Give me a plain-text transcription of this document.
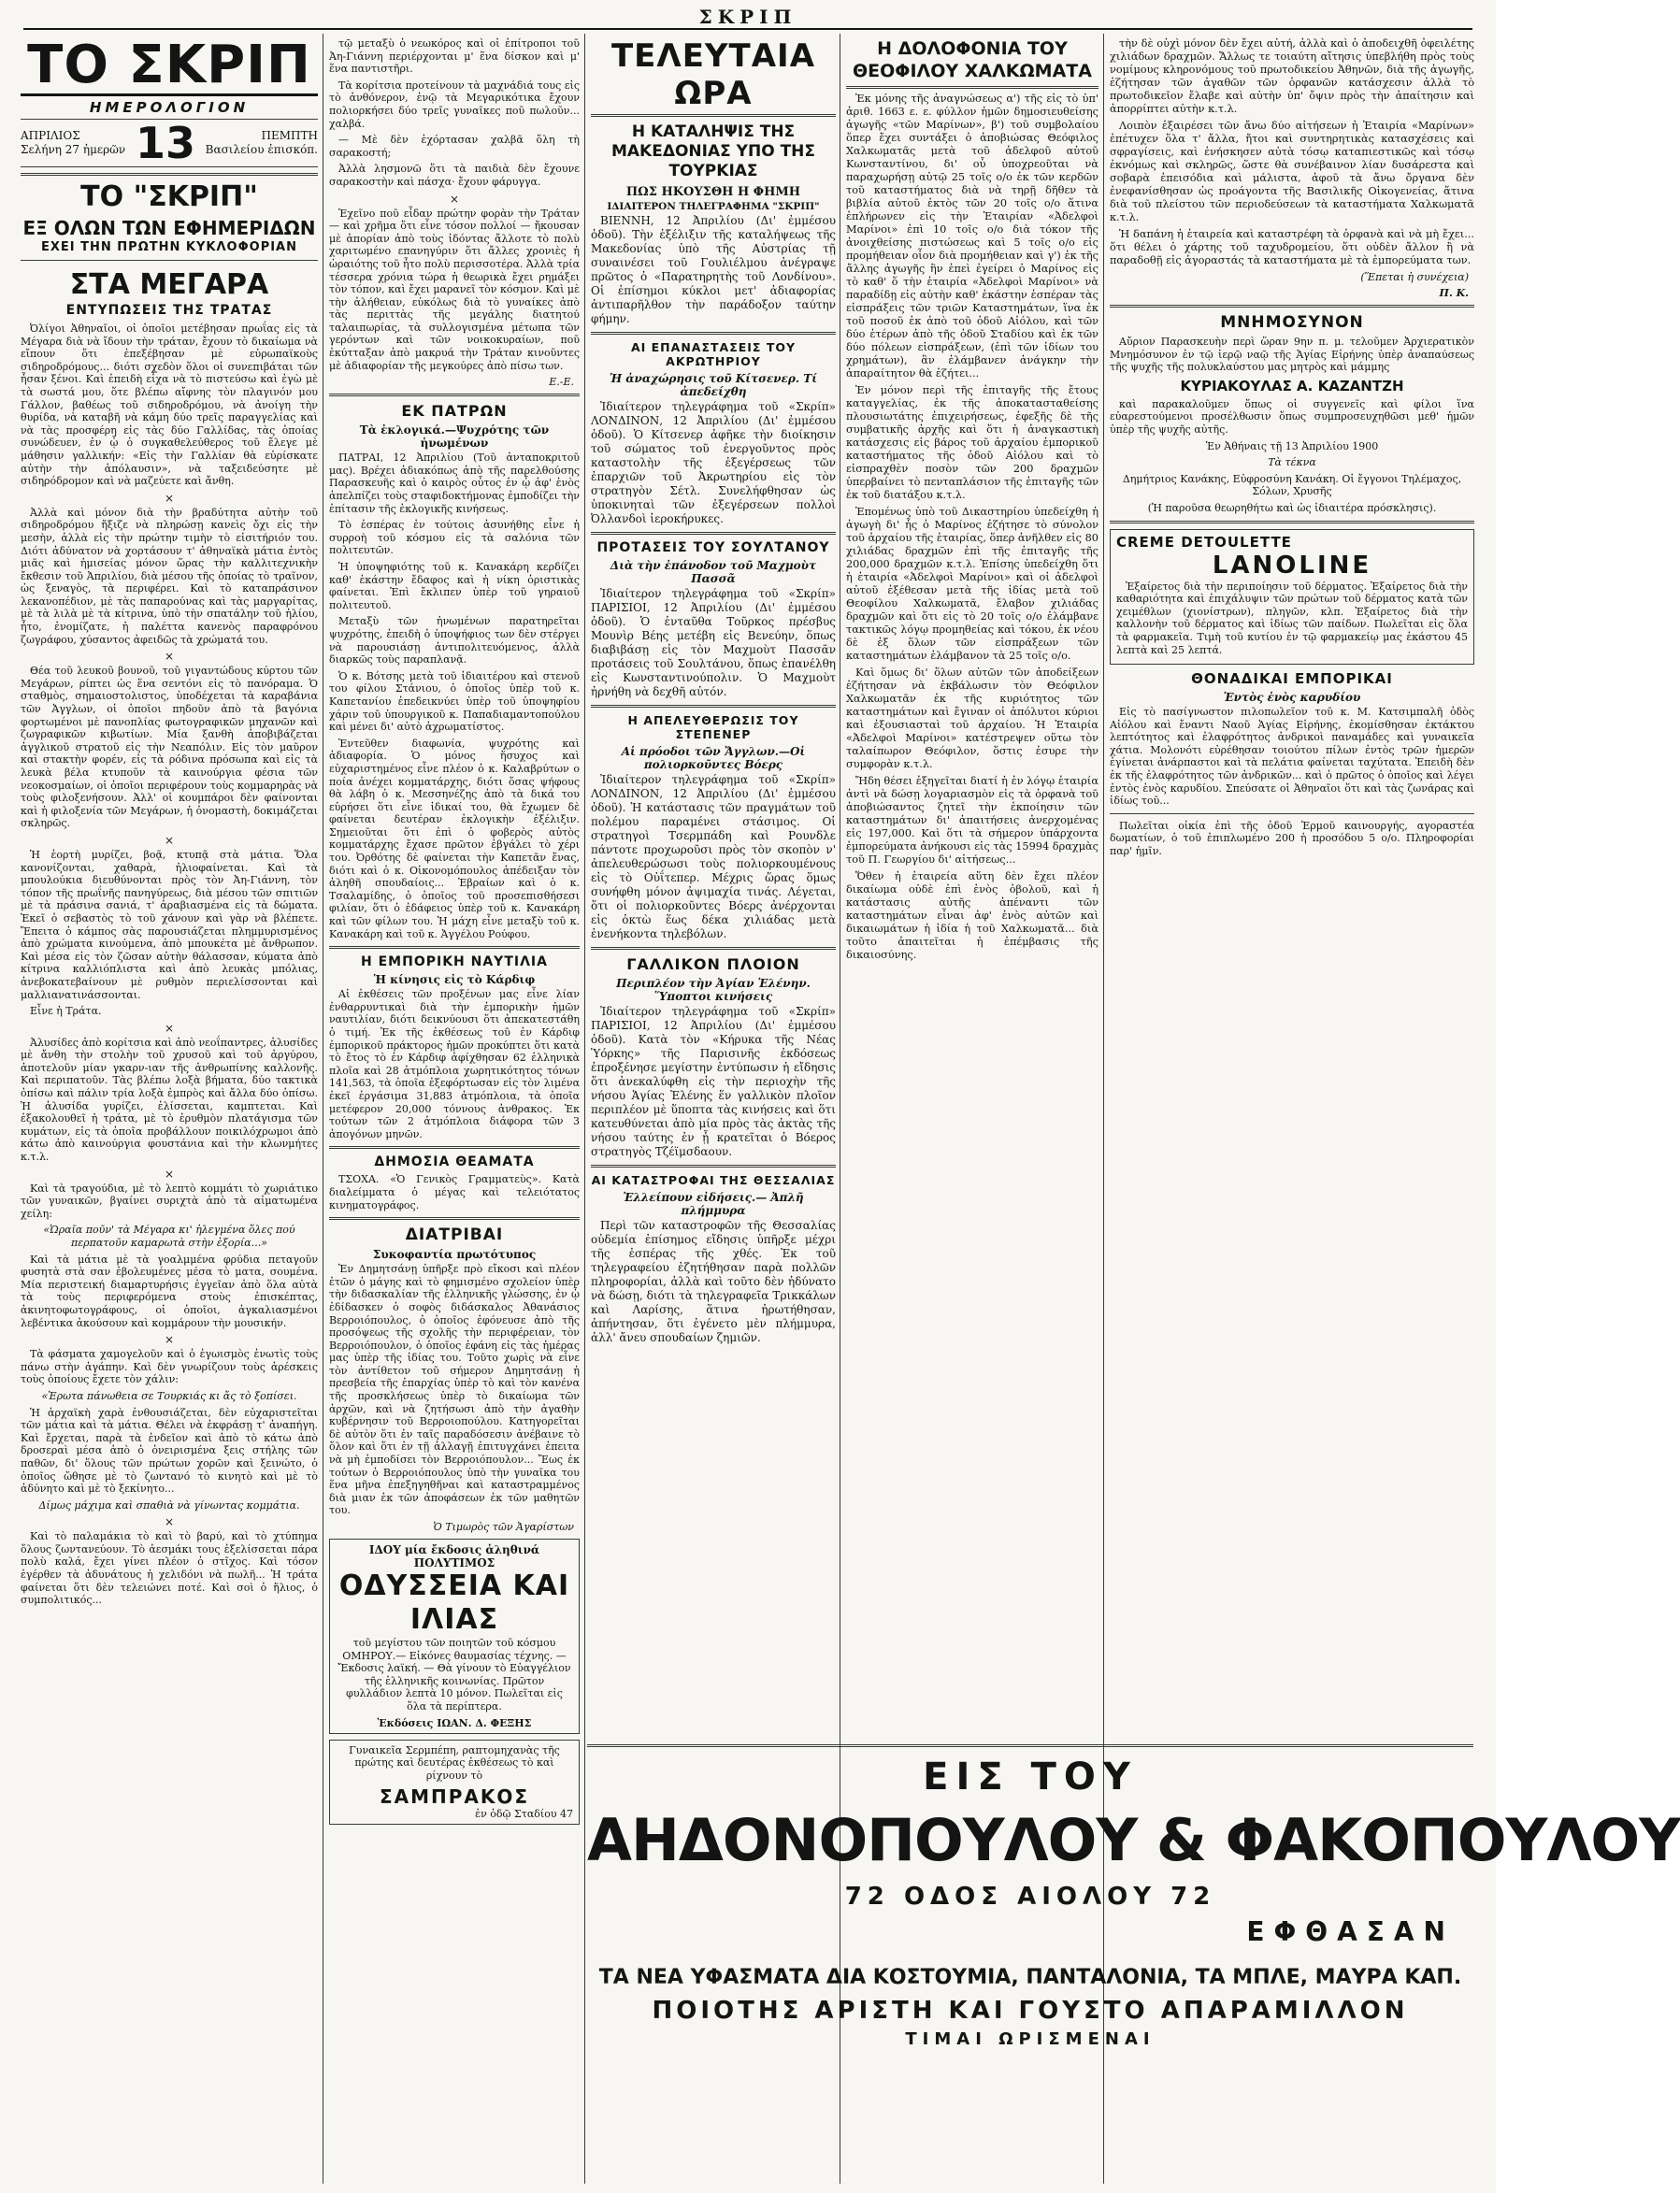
ΣΚΡΙΠ
ΤΟ ΣΚΡΙΠ
ΗΜΕΡΟΛΟΓΙΟΝ
ΑΠΡΙΛΙΟΣ
Σελήνη 27 ἡμερῶν 13	ΠΕΜΠΤΗ
Βασιλείου ἐπισκόπ.
ΤΟ "ΣΚΡΙΠ"
ΕΞ ΟΛΩΝ ΤΩΝ ΕΦΗΜΕΡΙΔΩΝ
ΕΧΕΙ ΤΗΝ ΠΡΩΤΗΝ ΚΥΚΛΟΦΟΡΙΑΝ
ΣΤΑ ΜΕΓΑΡΑ
ΕΝΤΥΠΩΣΕΙΣ ΤΗΣ ΤΡΑΤΑΣ

Ὀλίγοι Ἀθηναῖοι, οἱ ὁποῖοι μετέβησαν πρωΐας εἰς τὰ Μέγαρα διὰ νὰ ἴδουν τὴν τράταν, ἔχουν τὸ δικαίωμα νὰ εἴπουν ὅτι ἐπεξέβησαν μὲ εὐρωπαϊκοὺς σιδηροδρόμους... διότι σχεδὸν ὅλοι οἱ συνεπιβάται τῶν ἦσαν ξένοι. Καὶ ἐπειδὴ εἶχα νὰ τὸ πιστεύσω καὶ ἐγὼ μὲ τὰ σωστά μου, ὅτε βλέπω αἴφνης τὸν πλαγινόν μου Γάλλον, βαθέως τοῦ σιδηροδρόμου, νὰ ἀνοίγη τὴν θυρίδα, νὰ καταβῆ νὰ κάμη δύο τρεῖς παραγγελίας καὶ νὰ τὰς προσφέρη εἰς τὰς δύο Γαλλίδας, τὰς ὁποίας συνώδευεν, ἐν ᾧ ὁ συγκαθελεύθερος τοῦ ἔλεγε μὲ μάθησιν γαλλικήν: «Εἰς τὴν Γαλλίαν θὰ εὑρίσκατε αὐτὴν τὴν ἀπόλαυσιν», νὰ ταξειδεύσητε μὲ σιδηρόδρομον καὶ νὰ μαζεύετε καὶ ἄνθη.

×

Ἀλλὰ καὶ μόνον διὰ τὴν βραδύτητα αὐτὴν τοῦ σιδηροδρόμου ἤξιζε νὰ πληρώσῃ κανεὶς ὄχι εἰς τὴν μεσὴν, ἀλλὰ εἰς τὴν πρώτην τιμὴν τὸ εἰσιτήριόν του. Διότι ἀδύνατον νὰ χορτάσουν τ' ἀθηναϊκὰ μάτια ἐντὸς μιᾶς καὶ ἡμισείας μόνον ὥρας τὴν καλλιτεχνικὴν ἔκθεσιν τοῦ Ἀπριλίου, διὰ μέσου τῆς ὁποίας τὸ τραῖνον, ὡς ξεναγὸς, τὰ περιφέρει. Καὶ τὸ καταπράσινον λεκανοπέδιον, μὲ τὰς παπαρούνας καὶ τὰς μαργαρίτας, μὲ τὰ λιλὰ μὲ τὰ κίτρινα, ὑπὸ τὴν σπατάλην τοῦ ἡλίου, ἦτο, ἐνομίζατε, ἡ παλέττα κανενὸς παραφρόνου ζωγράφου, χύσαντος ἀφειδῶς τὰ χρώματά του.

×

Θέα τοῦ λευκοῦ βουνοῦ, τοῦ γιγαντώδους κύρτου τῶν Μεγάρων, ρίπτει ὡς ἕνα σεντόνι εἰς τὸ πανόραμα. Ὁ σταθμὸς, σημαιοστολιστος, ὑποδέχεται τὰ καραβάνια τῶν Ἀγγλων, οἱ ὁποῖοι πηδοῦν ἀπὸ τὰ βαγόνια φορτωμένοι μὲ πανοπλίας φωτογραφικῶν μηχανῶν καὶ ζωγραφικῶν κιβωτίων. Μία ξανθὴ ἀποβιβάζεται ἀγγλικοῦ στρατοῦ εἰς τὴν Νεαπόλιν. Εἰς τὸν μαῦρον καὶ στακτὴν φορέν, εἰς τὰ ρόδινα πρόσωπα καὶ εἰς τὰ λευκὰ βέλα κτυποῦν τὰ καινούργια φέσια τῶν νεοκοσμαίων, οἱ ὁποῖοι περιφέρουν τοὺς κομμαρηρὰς νὰ τοὺς φιλοξενήσουν. Ἀλλ' οἱ κουμπάροι δὲν φαίνονται καὶ ἡ φιλοξενία τῶν Μεγάρων, ἡ ὀνομαστὴ, δοκιμάζεται σκληρῶς.

×

Ἡ ἑορτὴ μυρίζει, βοᾷ, κτυπᾷ στὰ μάτια. Ὅλα κανονίζονται, χαθαρὰ, ἠλιοφαίνεται. Καὶ τὰ μπουλούκια διευθύνονται πρὸς τὸν Ἀη-Γιάννη, τὸν τόπον τῆς πρωΐνῆς πανηγύρεως, διὰ μέσου τῶν σπιτιῶν μὲ τὰ πράσινα σανιά, τ' ἀραβιασμένα εἰς τὰ δώματα. Ἐκεῖ ὁ σεβαστὸς τὸ τοῦ χάνουν καὶ γὰρ νὰ βλέπετε. Ἔπειτα ὁ κάμπος σὰς παρουσιάζεται πλημμυρισμένος ἀπὸ χρώματα κινούμενα, ἀπὸ μπουκέτα μὲ ἄνθρωπον. Καὶ μέσα εἰς τὸν ζῶσαν αὐτὴν θάλασσαν, κύματα ἀπὸ κίτρινα καλλιόπλιστα καὶ ἀπὸ λευκὰς μπόλιας, ἀνεβοκατεβαίνουν μὲ ρυθμὸν περιελίσσονται καὶ μαλλιανατινάσσονται.

Εἶνε ἡ Τράτα.

×

Ἀλυσίδες ἀπὸ κορίτσια καὶ ἀπὸ νεοΐπαντρες, ἀλυσίδες μὲ ἄνθη τὴν στολὴν τοῦ χρυσοῦ καὶ τοῦ ἀργύρου, ἀποτελοῦν μίαν γκαρν-ιαν τῆς ἀνθρωπίνης καλλονῆς. Καὶ περιπατοῦν. Τὰς βλέπω λοξὰ βήματα, δύο τακτικὰ ὀπίσω καὶ πάλιν τρία λοξὰ ἐμπρὸς καὶ ἄλλα δύο ὀπίσω. Ἡ ἀλυσίδα γυρίζει, ἐλίσσεται, καμπτεται. Καὶ ἐξακολουθεῖ ἡ τράτα, μὲ τὸ ἐρυθμὸν πλατάγισμα τῶν κυμάτων, εἰς τὰ ὁποῖα προβάλλουν ποικιλόχρωμοι ἀπὸ κάτω ἀπὸ καινούργια φουστάνια καὶ τὴν κλωνμήτες κ.τ.λ.

×

Καὶ τὰ τραγούδια, μὲ τὸ λεπτὸ κομμάτι τὸ χωριάτικο τῶν γυναικῶν, βγαίνει συριχτὰ ἀπὸ τὰ αἱματωμένα χείλη:

«Ὡραῖα ποῦν' τὰ Μέγαρα κι' ἠλεγμένα ὅλες πού περπατοῦν καμαρωτὰ στὴν ἐξορία...»

Καὶ τὰ μάτια μὲ τὰ γοαλμμένα φρύδια πεταγοῦν φυσητὰ στὰ σαν ἐβολευμένες μέσα τὸ ματα, σουμένα. Μία περιστεική διαμαρτυρήσις ἐγγεῖαν ἀπὸ ὅλα αὐτὰ τὰ τοὺς περιφερόμενα στοὺς ἐπισκέπτας, ἀκινητοφωτογράφους, οἱ ὁποῖοι, ἀγκαλιασμένοι λεβέντικα ἀκούσουν καὶ κομμάρουν τὴν μουσικήν.

×

Τὰ φάσματα χαμογελοῦν καὶ ὁ ἐγωισμὸς ἐνωτὶς τοὺς πάνω στὴν ἀγάπην. Καὶ δὲν γνωρίζουν τοὺς ἀρέσκεις τοὺς ὁποίους ἔχετε τὸν χάλιν:

«Ἐρωτα πάνωθεια σε Τουρκιάς κι ἄς τὸ ξοπίσει.

Ἡ ἀρχαϊκὴ χαρὰ ἐνθουσιάζεται, δὲν εὐχαριστεῖται τῶν μάτια καὶ τὰ μάτια. Θέλει νὰ ἐκφράσῃ τ' ἀναπήγη. Καὶ ἔρχεται, παρὰ τὰ ἐνδεῖον καὶ ἀπὸ τὸ κάτω ἀπὸ δροσεραὶ μέσα ἀπὸ ὁ ὀνειρισμένα ξεις στήλης τῶν παθῶν, δι' ὅλους τῶν πρώτων χορῶν καὶ ξεινώτο, ὁ ὁποῖος ὥθησε μὲ τὸ ζωντανό τὸ κινητὸ καὶ μὲ τὸ ἀδύνητο καὶ μὲ τὸ ξεκίνητο...

Δίμως μάχιμα καὶ σπαθιὰ νὰ γίνωντας κομμάτια.

×

Καὶ τὸ παλαμάκια τὸ καὶ τὸ βαρύ, καὶ τὸ χτύπημα ὅλους ζωντανεύουν. Τὸ ἀεσμάκι τους ἐξελίσσεται πάρα πολὺ καλά, ἔχει γίνει πλέον ὁ στῖχος. Καὶ τόσον ἐγέρθεν τὰ ἀδυνάτους ἡ χελιδόνι νὰ πωλῆ... Ἡ τράτα φαίνεται ὅτι δὲν τελειώνει ποτέ. Καὶ σοὶ ὁ ἥλιος, ὁ συμπολιτικός...

τῷ μεταξὺ ὁ νεωκόρος καὶ οἱ ἐπίτροποι τοῦ Ἀη-Γιάννη περιέρχονται μ' ἕνα δίσκον καὶ μ' ἕνα παντιστῆρι.

Τὰ κορίτσια προτείνουν τὰ μαχνάδιά τους εἰς τὸ ἀνθόνερον, ἐνῷ τὰ Μεγαρικότικα ἔχουν πολιορκήσει δύο τρεῖς γυναῖκες ποῦ πωλοῦν... χαλβά.

— Μὲ δὲν ἐχόρτασαν χαλβᾶ ὅλη τὴ σαρακοστή;

Ἀλλὰ λησμονῶ ὅτι τὰ παιδιὰ δὲν ἔχουνε σαρακοστὴν καὶ πάσχα· ἔχουν φάρυγγα.

×

Ἐχεῖνο ποῦ εἶδαν πρώτην φορὰν τὴν Τράταν — καὶ χρῆμα ὅτι εἶνε τόσον πολλοί — ἤκουσαν μὲ ἀπορίαν ἀπὸ τοὺς ἰδόντας ἄλλοτε τὸ πολὺ χαριτωμένο επανηγύριν ὅτι ἄλλες χρονιὲς ἡ ὡραιότης τοῦ ἦτο πολὺ περισσοτέρα. Ἀλλὰ τρία τέσσερα χρόνια τώρα ἡ θεωρικὰ ἔχει ρημάξει τὸν τόπον, καὶ ἔχει μαρανεῖ τὸν κόσμον. Καὶ μὲ τὴν ἀλήθειαν, εὐκόλως διὰ τὸ γυναίκες ἀπὸ τὰς περιττὰς τῆς μεγάλης διατητού ταλαιπωρίας, τὰ συλλογισμένα μέτωπα τῶν γερόντων καὶ τῶν νοικοκυραίων, ποῦ ἐκύτταξαν ἀπὸ μακρυά τὴν Τράταν κινοῦντες μὲ ἀδιαφορίαν τῆς μεγκούρες ἀπὸ πίσω των.

Ε.-Ε.
ΕΚ ΠΑΤΡΩΝ
Τὰ ἐκλογικά.—Ψυχρότης τῶν ἡνωμένων

ΠΑΤΡΑΙ, 12 Ἀπριλίου (Τοῦ ἀνταποκριτοῦ μας). Βρέχει ἀδιακόπως ἀπὸ τῆς παρελθούσης Παρασκευῆς καὶ ὁ καιρὸς οὗτος ἐν ᾧ ἀφ' ἑνὸς ἀπελπίζει τοὺς σταφιδοκτήμονας ἐμποδίζει τὴν ἐπίτασιν τῆς ἐκλογικῆς κινήσεως.

Τὸ ἐσπέρας ἐν τούτοις ἀσυνήθης εἶνε ἡ συρροὴ τοῦ κόσμου εἰς τὰ σαλόνια τῶν πολιτευτῶν.

Ἡ ὑποψηφιότης τοῦ κ. Κανακάρη κερδίζει καθ' ἑκάστην ἔδαφος καὶ ἡ νίκη ὁριστικὰς φαίνεται. Ἐπὶ ἔκλιπεν ὑπὲρ τοῦ γηραιοῦ πολιτευτοῦ.

Μεταξὺ τῶν ἡνωμένων παρατηρεῖται ψυχρότης, ἐπειδὴ ὁ ὑποψήφιος των δὲν στέργει νὰ παρουσιάσῃ ἀντιπολιτευόμενος, ἀλλὰ διαρκῶς τοὺς παραπλανᾷ.

Ὁ κ. Βότσης μετὰ τοῦ ἰδιαιτέρου καὶ στενοῦ του φίλου Στάνιου, ὁ ὁποῖος ὑπὲρ τοῦ κ. Καπετανίου ἐπεδεικνύει ὑπὲρ τοῦ ὑποψηφίου χάριν τοῦ ὑπουργικοῦ κ. Παπαδιαμαντοπούλου καὶ μένει δι' αὐτὸ ἀχρωματίστος.

Ἐντεῦθεν διαφωνία, ψυχρότης καὶ ἀδιαφορία. Ὁ μόνος ἥσυχος καὶ εὐχαριστημένος εἶνε πλέον ὁ κ. Καλαβρύτων ο ποία ἀνέχει κομματάρχης, διότι ὅσας ψήφους θὰ λάβη ὁ κ. Μεσσηνέζης ἀπὸ τὰ δικά του εὑρήσει ὅτι εἶνε ἰδικαί του, θὰ ἔχωμεν δὲ φαίνεται δευτέραν ἐκλογικὴν ἐξέλιξιν. Σημειοῦται ὅτι ἐπὶ ὁ φοβερὸς αὐτὸς κομματάρχης ἔχασε πρῶτον ἐβγάλει τὸ χέρι του. Ὀρθότης δὲ φαίνεται τὴν Καπετᾶν ἔνας, διότι καὶ ὁ κ. Οἰκονομόπουλος ἀπέδειξαν τὸν ἀληθῆ σπουδαίοις... Ἐβραίων καὶ ὁ κ. Τσαλαμίδης, ὁ ὁποῖος τοῦ προσεπισθήσεσι φιλίαν, ὅτι ὁ ἐδάφειος ὑπὲρ τοῦ κ. Κανακάρη καὶ τῶν φίλων του. Ἡ μάχη εἶνε μεταξὺ τοῦ κ. Κανακάρη καὶ τοῦ κ. Ἀγγέλου Ρούφου.

Η ΕΜΠΟΡΙΚΗ ΝΑΥΤΙΛΙΑ
Ἡ κίνησις εἰς τὸ Κάρδιφ

Αἱ ἐκθέσεις τῶν προξένων μας εἶνε λίαν ἐνθαρρυντικαὶ διὰ τὴν ἐμπορικὴν ἡμῶν ναυτιλίαν, διότι δεικνύουσι ὅτι ἀπεκατεστάθη ὁ τιμή. Ἐκ τῆς ἐκθέσεως τοῦ ἐν Κάρδιφ ἐμπορικοῦ πράκτορος ἡμῶν προκύπτει ὅτι κατὰ τὸ ἔτος τὸ ἐν Κάρδιφ ἀφίχθησαν 62 ἑλληνικὰ πλοῖα καὶ 28 ἀτμόπλοια χωρητικότητος τόνων 141,563, τὰ ὁποῖα ἐξεφόρτωσαν εἰς τὸν λιμένα ἐκεῖ ἐργάσιμα 31,883 ἀτμόπλοια, τὰ ὁποῖα μετέφερον 20,000 τόννους ἀνθρακος. Ἐκ τούτων τῶν 2 ἀτμόπλοια διάφορα τῶν 3 ἀπογόνων μηνῶν.

ΔΗΜΟΣΙΑ ΘΕΑΜΑΤΑ

ΤΣΟΧΑ. «Ὁ Γενικὸς Γραμματεὺς». Κατὰ διαλείμματα ὁ μέγας καὶ τελειότατος κινηματογράφος.

ΔΙΑΤΡΙΒΑΙ
Συκοφαντία πρωτότυπος

Ἐν Δημητσάνῃ ὑπῆρξε πρὸ εἴκοσι καὶ πλέον ἐτῶν ὁ μάγης καὶ τὸ φημισμένο σχολείον ὑπὲρ τὴν διδασκαλίαν τῆς ἑλληνικῆς γλώσσης, ἐν ᾧ ἐδίδασκεν ὁ σοφὸς διδάσκαλος Ἀθανάσιος Βερροιόπουλος, ὁ ὁποῖος ἐφόνευσε ἀπὸ τῆς προσόψεως τῆς σχολῆς τὴν περιφέρειαν, τὸν Βερροιόπουλον, ὁ ὁποῖος ἐφάνη εἰς τὰς ἡμέρας μας ὑπὲρ τῆς ἰδίας του. Τοῦτο χωρὶς νὰ εἶνε τὸν ἀντίθετον τοῦ σήμερον Δημητσάνῃ ἡ πρεσβεία τῆς ἐπαρχίας ὑπὲρ τὸ καὶ τὸν κανένα τῆς προσκλήσεως ὑπὲρ τὸ δικαίωμα τῶν ἀρχῶν, καὶ νὰ ζητήσωσι ἀπὸ τὴν ἀγαθὴν κυβέρνησιν τοῦ Βερροιοπούλου. Κατηγορεῖται δὲ αὐτὸν ὅτι ἐν ταῖς παραδόσεσιν ἀνέβαινε τὸ ὅλον καὶ ὅτι ἐν τῇ ἀλλαγῇ ἐπιτυγχάνει ἐπειτα νὰ μὴ ἐμποδίσει τὸν Βερροιόπουλον... Ἔως ἐκ τούτων ὁ Βερροιόπουλος ὑπὸ τὴν γυναῖκα του ἕνα μῆνα ἐπεξηγηθῆναι καὶ καταστραμμένος διὰ μιαν ἐκ τῶν ἀποφάσεων ἐκ τῶν μαθητῶν του.

Ὁ Τιμωρὸς τῶν Ἀγαρίστων
ΙΔΟΥ μία ἔκδοσις ἀληθινά ΠΟΛΥΤΙΜΟΣ
ΟΔΥΣΣΕΙΑ ΚΑΙ ΙΛΙΑΣ

τοῦ μεγίστου τῶν ποιητῶν τοῦ κόσμου ΟΜΗΡΟΥ.— Εἰκόνες θαυμασίας τέχνης. —Ἔκδοσις λαϊκή. — Θὰ γίνουν τὸ Εὐαγγέλιον τῆς ἑλληνικῆς κοινωνίας. Πρῶτον φυλλάδιον λεπτὰ 10 μόνον. Πωλεῖται εἰς ὅλα τὰ περίπτερα.

Ἐκδόσεις ΙΩΑΝ. Δ. ΦΕΞΗΣ

Γυναικεῖα Σερμπέπη, ραπτομηχανὰς τῆς πρώτης καὶ δευτέρας ἐκθέσεως τὸ καὶ ρίχνουν τὸ

ΣΑΜΠΡΑΚΟΣ
ἐν ὁδῷ Σταδίου 47
ΤΕΛΕΥΤΑΙΑ ΩΡΑ
Η ΚΑΤΑΛΗΨΙΣ ΤΗΣ ΜΑΚΕΔΟΝΙΑΣ ΥΠΟ ΤΗΣ ΤΟΥΡΚΙΑΣ
ΠΩΣ ΗΚΟΥΣΘΗ Η ΦΗΜΗ
ΙΔΙΑΙΤΕΡΟΝ ΤΗΛΕΓΡΑΦΗΜΑ "ΣΚΡΙΠ"

ΒΙΕΝΝΗ, 12 Ἀπριλίου (Δι' ἐμμέσου ὁδοῦ). Τὴν ἐξέλιξιν τῆς καταλήψεως τῆς Μακεδονίας ὑπὸ τῆς Αὐστρίας τῇ συναινέσει τοῦ Γουλιέλμου ἀνέγραψε πρῶτος ὁ «Παρατηρητὴς τοῦ Λονδίνου». Οἱ ἐπίσημοι κύκλοι μετ' ἀδιαφορίας ἀντιπαρῆλθον τὴν παράδοξον ταύτην φήμην.

ΑΙ ΕΠΑΝΑΣΤΑΣΕΙΣ ΤΟΥ ΑΚΡΩΤΗΡΙΟΥ
Ἡ ἀναχώρησις τοῦ Κίτσενερ. Τί ἀπεδείχθη

Ἰδιαίτερον τηλεγράφημα τοῦ «Σκρίπ» ΛΟΝΔΙΝΟΝ, 12 Ἀπριλίου (Δι' ἐμμέσου ὁδοῦ). Ὁ Κίτσενερ ἀφῆκε τὴν διοίκησιν τοῦ σώματος τοῦ ἐνεργοῦντος πρὸς καταστολὴν τῆς ἐξεγέρσεως τῶν ἐπαρχιῶν τοῦ Ἀκρωτηρίου εἰς τὸν στρατηγὸν Σέτλ. Συνελήφθησαν ὡς ὑποκινηταὶ τῶν ἐξεγέρσεων πολλοὶ Ὀλλανδοὶ ἱεροκήρυκες.

ΠΡΟΤΑΣΕΙΣ ΤΟΥ ΣΟΥΛΤΑΝΟΥ
Διὰ τὴν ἐπάνοδον τοῦ Μαχμοὺτ Πασσᾶ

Ἰδιαίτερον τηλεγράφημα τοῦ «Σκρίπ» ΠΑΡΙΣΙΟΙ, 12 Ἀπριλίου (Δι' ἐμμέσου ὁδοῦ). Ὁ ἐνταῦθα Τοῦρκος πρέσβυς Μουνὶρ Βέης μετέβη εἰς Βενεύην, ὅπως διαβιβάσῃ εἰς τὸν Μαχμοὺτ Πασσᾶν προτάσεις τοῦ Σουλτάνου, ὅπως ἐπανέλθη εἰς Κωνσταντινούπολιν. Ὁ Μαχμοὺτ ἠρνήθη νὰ δεχθῆ αὐτόν.

Η ΑΠΕΛΕΥΘΕΡΩΣΙΣ ΤΟΥ ΣΤΕΠΕΝΕΡ
Αἱ πρόοδοι τῶν Ἄγγλων.—Οἱ πολιορκοῦντες Βόερς

Ἰδιαίτερον τηλεγράφημα τοῦ «Σκρίπ» ΛΟΝΔΙΝΟΝ, 12 Ἀπριλίου (Δι' ἐμμέσου ὁδοῦ). Ἡ κατάστασις τῶν πραγμάτων τοῦ πολέμου παραμένει στάσιμος. Οἱ στρατηγοὶ Τσερμπάδη καὶ Ρουνδλε πάντοτε προχωροῦσι πρὸς τὸν σκοπὸν ν' ἀπελευθερώσωσι τοὺς πολιορκουμένους εἰς τὸ Οὐΐτεπερ. Μέχρις ὥρας ὅμως συνήφθη μόνον ἀψιμαχία τινάς. Λέγεται, ὅτι οἱ πολιορκοῦντες Βόερς ἀνέρχονται εἰς ὀκτὼ ἕως δέκα χιλιάδας μετὰ ἐνενήκοντα τηλεβόλων.

ΓΑΛΛΙΚΟΝ ΠΛΟΙΟΝ
Περιπλέον τὴν Ἀγίαν Ἑλένην. Ὕποπτοι κινήσεις

Ἰδιαίτερον τηλεγράφημα τοῦ «Σκρίπ» ΠΑΡΙΣΙΟΙ, 12 Ἀπριλίου (Δι' ἐμμέσου ὁδοῦ). Κατὰ τὸν «Κήρυκα τῆς Νέας Ὑόρκης» τῆς Παρισινῆς ἐκδόσεως ἐπροξένησε μεγίστην ἐντύπωσιν ἡ εἴδησις ὅτι ἀνεκαλύφθη εἰς τὴν περιοχὴν τῆς νήσου Ἁγίας Ἑλένης ἕν γαλλικὸν πλοῖον περιπλέον μὲ ὕποπτα τὰς κινήσεις καὶ ὅτι κατευθύνεται ἀπὸ μία πρὸς τὰς ἀκτὰς τῆς νήσου ταύτης ἐν ᾗ κρατεῖται ὁ Βόερος στρατηγὸς Τζέϊμσδαουν.

ΑΙ ΚΑΤΑΣΤΡΟΦΑΙ ΤΗΣ ΘΕΣΣΑΛΙΑΣ
Ἐλλείπουν εἰδήσεις.— Ἀπλῆ πλήμμυρα

Περὶ τῶν καταστροφῶν τῆς Θεσσαλίας οὐδεμία ἐπίσημος εἴδησις ὑπῆρξε μέχρι τῆς ἐσπέρας τῆς χθές. Ἐκ τοῦ τηλεγραφείου ἐζητήθησαν παρὰ πολλῶν πληροφορίαι, ἀλλὰ καὶ τοῦτο δὲν ἠδύνατο νὰ δώσῃ, διότι τὰ τηλεγραφεῖα Τρικκάλων καὶ Λαρίσης, ἅτινα ἠρωτήθησαν, ἀπήντησαν, ὅτι ἐγένετο μὲν πλήμμυρα, ἀλλ' ἄνευ σπουδαίων ζημιῶν.

Η ΔΟΛΟΦΟΝΙΑ ΤΟΥ ΘΕΟΦΙΛΟΥ ΧΑΛΚΩΜΑΤΑ

Ἐκ μόνης τῆς ἀναγνώσεως α') τῆς εἰς τὸ ὑπ' ἀριθ. 1663 ε. ε. φύλλον ἡμῶν δημοσιευθείσης ἀγωγῆς «τῶν Μαρίνων», β') τοῦ συμβολαίου ὅπερ ἔχει συντάξει ὁ ἀποβιώσας Θεόφιλος Χαλκωματᾶς μετὰ τοῦ ἀδελφοῦ αὐτοῦ Κωνσταντίνου, δι' οὗ ὑποχρεοῦται νὰ παραχωρήσῃ αὐτῷ 25 τοῖς ο/ο ἐκ τῶν κερδῶν τοῦ καταστήματος διὰ νὰ τηρῇ δῆθεν τὰ βιβλία αὐτοῦ ἐκτὸς τῶν 20 τοῖς ο/ο ἅτινα ἐπλήρωνεν εἰς τὴν Ἑταιρίαν «Ἀδελφοὶ Μαρίνοι» ἐπὶ 10 τοῖς ο/ο διὰ τόκον τῆς ἀνοιχθείσης πιστώσεως καὶ 5 τοῖς ο/ο εἰς προμήθειαν οἷον διὰ προμήθειαν καὶ γ') ἐκ τῆς ἄλλης ἀγωγῆς ἣν ἐπεὶ ἐγείρει ὁ Μαρίνος εἰς τὸ καθ' ὅ τὴν ἑταιρία «Ἀδελφοὶ Μαρίνοι» νὰ παραδίδῃ εἰς αὐτὴν καθ' ἑκάστην ἑσπέραν τὰς εἰσπράξεις τῶν τριῶν Καταστημάτων, ἵνα ἐκ τοῦ ποσοῦ ἐκ ἀπὸ τοῦ ὁδοῦ Αἰόλου, καὶ τῶν δύο ἐτέρων ἀπὸ τῆς ὁδοῦ Σταδίου καὶ ἐκ τῶν δύο πόλεων εἰσπράξεων, (ἐπὶ τῶν ἰδίων του χρημάτων), ἂν ἐλάμβανεν ἀνάγκην τὴν ἀπαραίτητον θὰ ἐζήτει...

Ἐν μόνον περὶ τῆς ἐπιταγῆς τῆς ἔτους καταγγελίας, ἐκ τῆς ἀποκατασταθείσης πλουσιωτάτης ἐπιχειρήσεως, ἐφεξῆς δὲ τῆς συμβατικῆς ἀρχῆς καὶ ὅτι ἡ ἀναγκαστικὴ κατάσχεσις εἰς βάρος τοῦ ἀρχαίου ἐμπορικοῦ καταστήματος τῆς ὁδοῦ Αἰόλου καὶ τὸ εἰσπραχθὲν ποσὸν τῶν 200 δραχμῶν ὑπερβαίνει τὸ πενταπλάσιον τῆς ἐπιταγῆς τῶν ἐκ τοῦ διατάξου κ.τ.λ.

Ἐπομένως ὑπὸ τοῦ Δικαστηρίου ὑπεδείχθη ἡ ἀγωγὴ δι' ἧς ὁ Μαρίνος ἐζήτησε τὸ σύνολον τοῦ ἀρχαίου τῆς ἑταιρίας, ὅπερ ἀνῆλθεν εἰς 80 χιλιάδας δραχμῶν ἐπὶ τῆς ἐπιταγῆς τῆς 200,000 δραχμῶν κ.τ.λ. Ἐπίσης ὑπεδείχθη ὅτι ἡ ἑταιρία «Ἀδελφοὶ Μαρίνοι» καὶ οἱ ἀδελφοὶ αὐτοῦ ἐξέθεσαν μετὰ τῆς ἰδίας μετὰ τοῦ Θεοφίλου Χαλκωματᾶ, ἔλαβον χιλιάδας δραχμῶν καὶ ὅτι εἰς τὸ 20 τοῖς ο/ο ἐλάμβανε τακτικῶς λόγῳ προμηθείας καὶ τόκου, ἐκ νέου δὲ ἐξ ὅλων τῶν εἰσπράξεων τῶν καταστημάτων ἐλάμβανον τὰ 25 τοῖς ο/ο.

Καὶ ὅμως δι' ὅλων αὐτῶν τῶν ἀποδείξεων ἐζήτησαν νὰ ἐκβάλωσιν τὸν Θεόφιλον Χαλκωματᾶν ἐκ τῆς κυριότητος τῶν καταστημάτων καὶ ἔγιναν οἱ ἀπόλυτοι κύριοι καὶ ἐξουσιασταὶ τοῦ ἀρχαίου. Ἡ Ἑταιρία «Ἀδελφοὶ Μαρίνοι» κατέστρεψεν οὕτω τὸν ταλαίπωρον Θεόφιλον, ὅστις ἐσυρε τὴν συμφορὰν κ.τ.λ.

Ἤδη θέσει ἐξηγεῖται διατί ἡ ἐν λόγῳ ἑταιρία ἀντὶ νὰ δώσῃ λογαριασμὸν εἰς τὰ ὀρφανὰ τοῦ ἀποβιώσαντος ζητεῖ τὴν ἐκποίησιν τῶν καταστημάτων δι' ἀπαιτήσεις ἀνερχομένας εἰς 197,000. Καὶ ὅτι τὰ σήμερον ὑπάρχοντα ἐμπορεύματα ἀνήκουσι εἰς τὰς 15994 δραχμὰς τοῦ Π. Γεωργίου δι' αἰτήσεως...

Ὅθεν ἡ ἑταιρεία αὕτη δὲν ἔχει πλέον δικαίωμα οὐδὲ ἐπὶ ἑνὸς ὀβολοῦ, καὶ ἡ κατάστασις αὐτῆς ἀπέναντι τῶν καταστημάτων εἶναι ἀφ' ἑνὸς αὐτῶν καὶ δικαιωμάτων ἡ ἰδία ἡ τοῦ Χαλκωματᾶ... διὰ τοῦτο ἀπαιτεῖται ἡ ἐπέμβασις τῆς δικαιοσύνης.

τὴν δὲ οὐχὶ μόνον δὲν ἔχει αὐτή, ἀλλὰ καὶ ὁ ἀποδειχθῆ ὀφειλέτης χιλιάδων δραχμῶν. Ἄλλως τε τοιαύτη αἴτησις ὑπεβλήθη πρὸς τοὺς νομίμους κληρονόμους τοῦ πρωτοδικείου Ἀθηνῶν, διὰ τῆς ἀγωγῆς, ἐζήτησαν τῶν ἀγαθῶν τῶν ὀρφανῶν κατάσχεσιν ἀλλὰ τὸ πρωτοδικεῖον ἔλαβε καὶ αὐτὴν ὑπ' ὄψιν πρὸς τὴν ἀπαίτησιν καὶ ἀπορρίπτει αὐτὴν κ.τ.λ.

Λοιπὸν ἐξαιρέσει τῶν ἄνω δύο αἰτήσεων ἡ Ἑταιρία «Μαρίνων» ἐπέτυχεν ὅλα τ' ἄλλα, ἤτοι καὶ συντηρητικὰς κατασχέσεις καὶ σφραγίσεις, καὶ ἐνήσκησεν αὐτὰ τόσῳ καταπιεστικῶς καὶ τόσῳ ἐκνόμως καὶ σκληρῶς, ὥστε θὰ συνέβαινον λίαν δυσάρεστα καὶ σοβαρὰ ἐπεισόδια καὶ μάλιστα, ἀφοῦ τὰ ἄνω ὄργανα δὲν ἐνεφανίσθησαν ὡς προάγοντα τῆς Βασιλικῆς Οἰκογενείας, ἅτινα διὰ τοῦ πλείστου τῶν περιοδεύσεων τὰ καταστήματα Χαλκωματᾶ κ.τ.λ.

Ἡ δαπάνη ἡ ἑταιρεία καὶ καταστρέφη τὰ ὀρφανὰ καὶ νὰ μὴ ἔχει... ὅτι θέλει ὁ χάρτης τοῦ ταχυδρομείου, ὅτι οὐδὲν ἄλλον ἢ νὰ παραδοθῇ εἰς ἀγοραστάς τὰ καταστήματα μὲ τὰ ἐμπορεύματα των.

(Ἕπεται ἡ συνέχεια)
Π. Κ.
ΜΝΗΜΟΣΥΝΟΝ

Αὔριον Παρασκευὴν περὶ ὥραν 9ην π. μ. τελοῦμεν Ἀρχιερατικὸν Μνημόσυνον ἐν τῷ ἱερῷ ναῷ τῆς Ἁγίας Εἰρήνης ὑπὲρ ἀναπαύσεως τῆς ψυχῆς τῆς πολυκλαύστου μας μητρὸς καὶ μάμμης

ΚΥΡΙΑΚΟΥΛΑΣ Α. ΚΑΖΑΝΤΖΗ

καὶ παρακαλοῦμεν ὅπως οἱ συγγενεῖς καὶ φίλοι ἵνα εὐαρεστούμενοι προσέλθωσιν ὅπως συμπροσευχηθῶσι μεθ' ἡμῶν ὑπὲρ τῆς ψυχῆς αὐτῆς.

Ἐν Ἀθήναις τῇ 13 Ἀπριλίου 1900

Τὰ τέκνα

Δημήτριος Κανάκης, Εὐφροσύνη Κανάκη. Οἱ ἔγγονοι Τηλέμαχος, Σόλων, Χρυσῆς

(Ἡ παροῦσα θεωρηθήτω καὶ ὡς ἰδιαιτέρα πρόσκλησις).

CREME DETOULETTE
LANOLINE

Ἐξαίρετος διὰ τὴν περιποίησιν τοῦ δέρματος. Ἐξαίρετος διὰ τὴν καθαριότητα καὶ ἐπιχάλυψιν τῶν πρώτων τοῦ δέρματος κατὰ τῶν χειμέθλων (χιονίστρων), πληγῶν, κλπ. Ἐξαίρετος διὰ τὴν καλλονὴν τοῦ δέρματος καὶ ἰδίως τῶν παίδων. Πωλεῖται εἰς ὅλα τὰ φαρμακεῖα. Τιμὴ τοῦ κυτίου ἐν τῷ φαρμακείῳ μας ἑκάστου 45 λεπτὰ καὶ 25 λεπτά.

ΘΟΝΑΔΙΚΑΙ ΕΜΠΟΡΙΚΑΙ
Ἐντὸς ἑνὸς καρυδίου

Εἰς τὸ πασίγνωστον πιλοπωλεῖον τοῦ κ. Μ. Κατσιμπαλῆ ὁδὸς Αἰόλου καὶ ἔναντι Ναοῦ Ἁγίας Εἰρήνης, ἐκομίσθησαν ἐκτάκτου λεπτότητος καὶ ἐλαφρότητος ἀνδρικοὶ παναμάδες καὶ γυναικεῖα χάτια. Μολονότι εὑρέθησαν τοιούτου πίλων ἐντὸς τρῶν ἡμερῶν ἐγίνεται ἀνάρπαστοι καὶ τὰ πελάτια φαίνεται ταχύτατα. Ἐπειδὴ δὲν ἐκ τῆς ἐλαφρότητος τῶν ἀνδρικῶν... καὶ ὁ πρῶτος ὁ ὁποῖος καὶ λέγει ἐντὸς ἑνὸς καρυδίου. Σπεύσατε οἱ Ἀθηναῖοι ὅτι καὶ τὰς ζωνάρας καὶ ἰδίως τοῦ...

Πωλεῖται οἰκία ἐπὶ τῆς ὁδοῦ Ἑρμοῦ καινουργής, αγοραστέα δωματίων, ὁ τοῦ ἐπιπλωμένο 200 ἡ προσόδου 5 ο/ο. Πληροφορίαι παρ' ἡμῖν.

ΕΙΣ ΤΟΥ
ΑΗΔΟΝΟΠΟΥΛΟΥ & ΦΑΚΟΠΟΥΛΟΥ
72 ΟΔΟΣ ΑΙΟΛΟΥ 72
ΕΦΘΑΣΑΝ
ΤΑ ΝΕΑ ΥΦΑΣΜΑΤΑ ΔΙΑ ΚΟΣΤΟΥΜΙΑ, ΠΑΝΤΑΛΟΝΙΑ, ΤΑ ΜΠΛΕ, ΜΑΥΡΑ ΚΑΠ.
ΠΟΙΟΤΗΣ ΑΡΙΣΤΗ ΚΑΙ ΓΟΥΣΤΟ ΑΠΑΡΑΜΙΛΛΟΝ
ΤΙΜΑΙ ΩΡΙΣΜΕΝΑΙ
